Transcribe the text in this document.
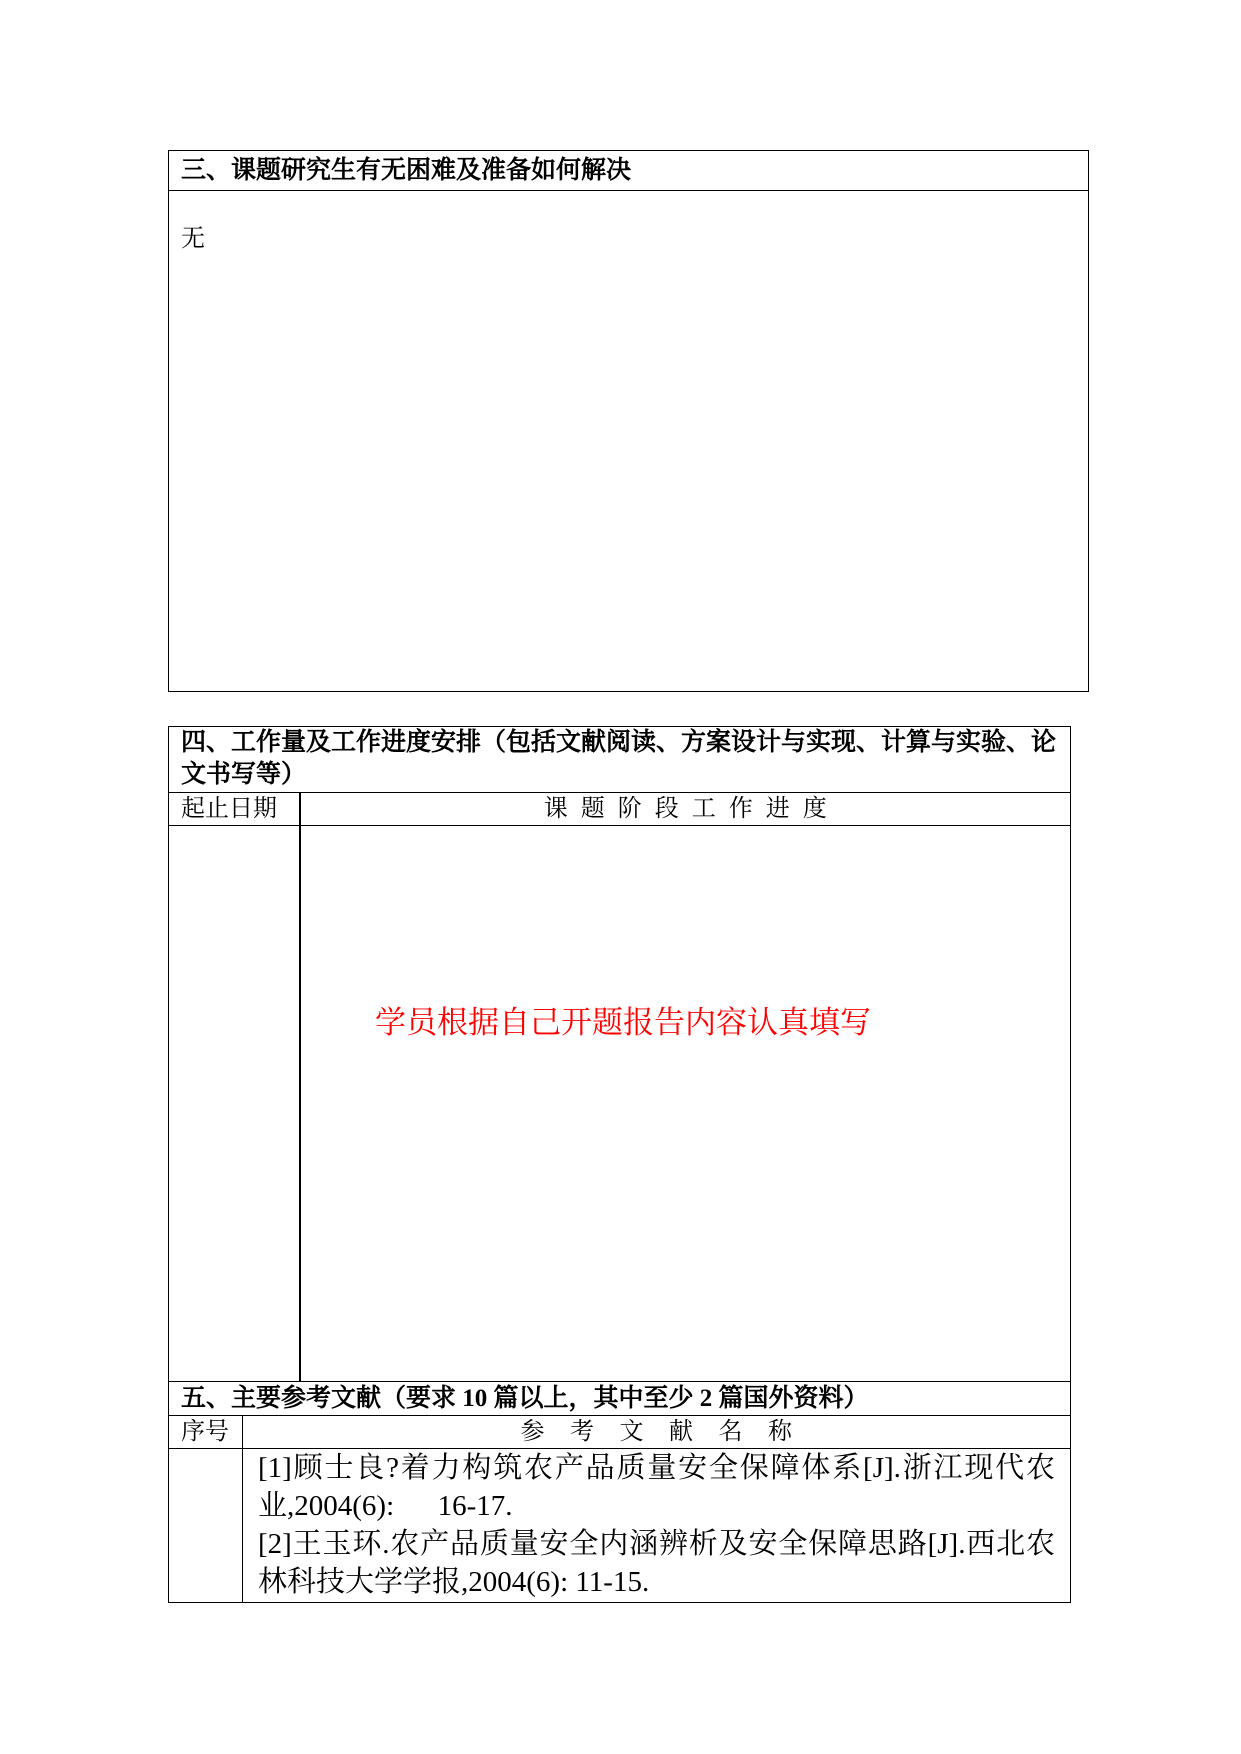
三、课题研究生有无困难及准备如何解决
无
四、工作量及工作进度安排（包括文献阅读、方案设计与实现、计算与实验、论文书写等）
起止日期	课 题 阶 段 工 作 进 度
学员根据自己开题报告内容认真填写
五、主要参考文献（要求 10 篇以上，其中至少 2 篇国外资料）
序号	参 考 文 献 名 称
[1]顾士良?着力构筑农产品质量安全保障体系[J].浙江现代农
业,2004(6):      16-17.
[2]王玉环.农产品质量安全内涵辨析及安全保障思路[J].西北农
林科技大学学报,2004(6): 11-15.
